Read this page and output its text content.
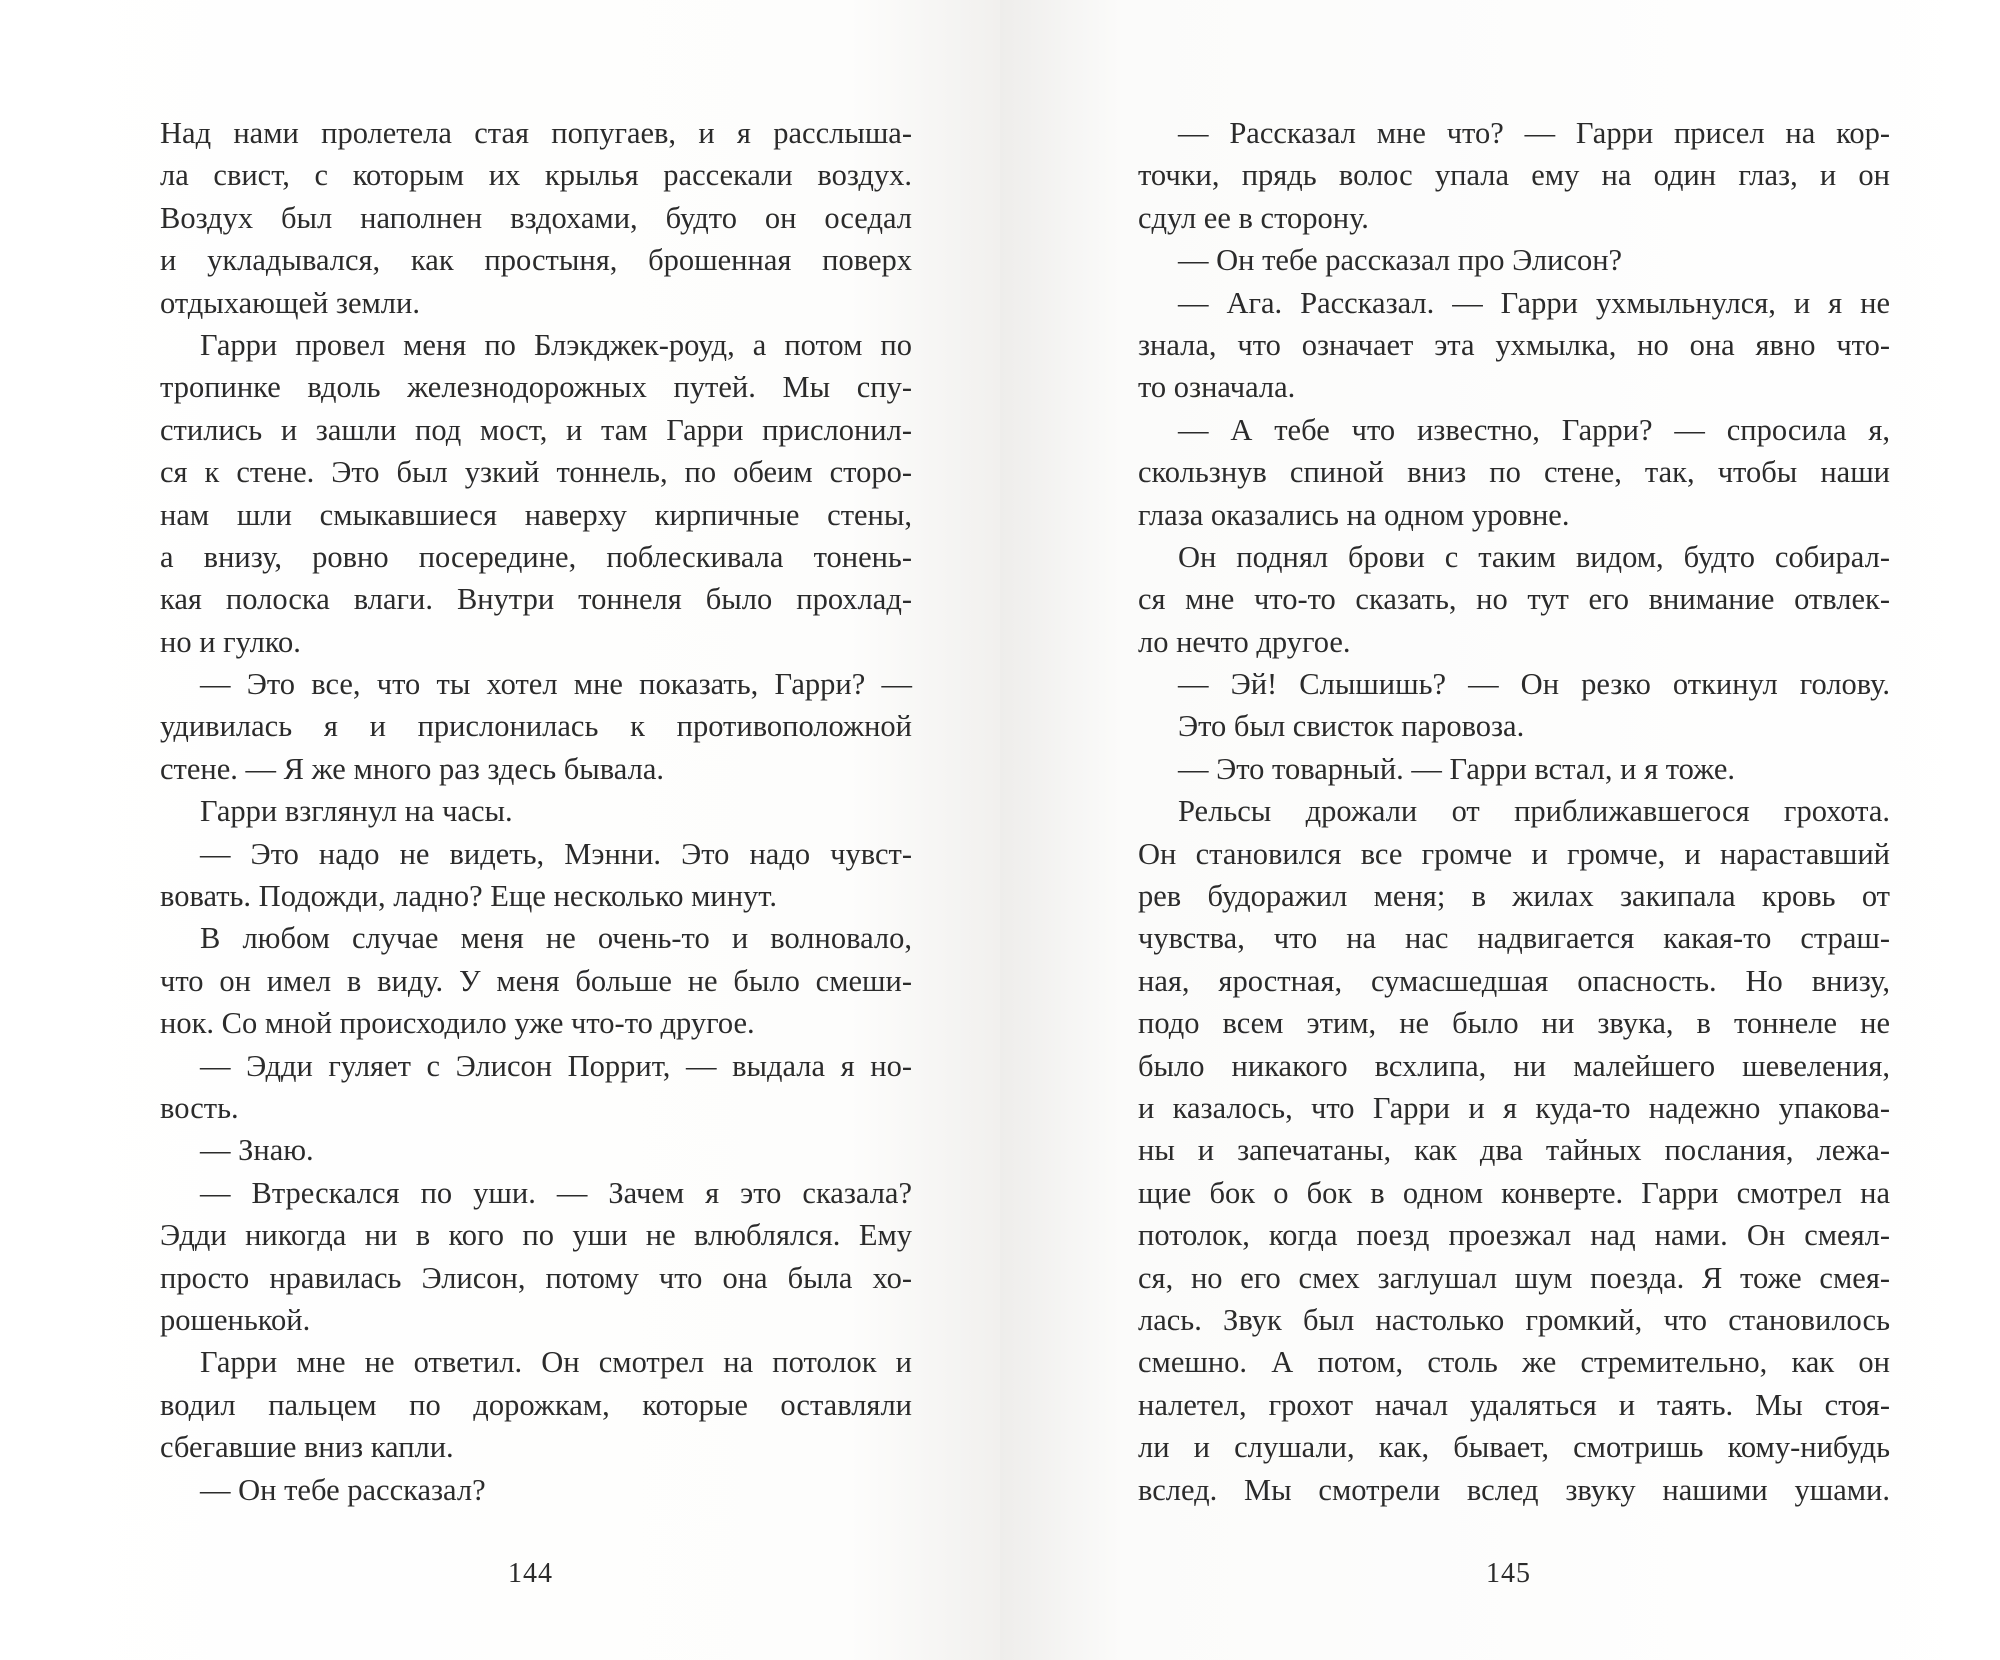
Над нами пролетела стая попугаев, и я расслыша-
ла свист, с которым их крылья рассекали воздух.
Воздух был наполнен вздохами, будто он оседал
и укладывался, как простыня, брошенная поверх
отдыхающей земли.
Гарри провел меня по Блэкджек-роуд, а потом по
тропинке вдоль железнодорожных путей. Мы спу-
стились и зашли под мост, и там Гарри прислонил-
ся к стене. Это был узкий тоннель, по обеим сторо-
нам шли смыкавшиеся наверху кирпичные стены,
а внизу, ровно посередине, поблескивала тонень-
кая полоска влаги. Внутри тоннеля было прохлад-
но и гулко.
— Это все, что ты хотел мне показать, Гарри? —
удивилась я и прислонилась к противоположной
стене. — Я же много раз здесь бывала.
Гарри взглянул на часы.
— Это надо не видеть, Мэнни. Это надо чувст-
вовать. Подожди, ладно? Еще несколько минут.
В любом случае меня не очень-то и волновало,
что он имел в виду. У меня больше не было смеши-
нок. Со мной происходило уже что-то другое.
— Эдди гуляет с Элисон Поррит, — выдала я но-
вость.
— Знаю.
— Втрескался по уши. — Зачем я это сказала?
Эдди никогда ни в кого по уши не влюблялся. Ему
просто нравилась Элисон, потому что она была хо-
рошенькой.
Гарри мне не ответил. Он смотрел на потолок и
водил пальцем по дорожкам, которые оставляли
сбегавшие вниз капли.
— Он тебе рассказал?
144
— Рассказал мне что? — Гарри присел на кор-
точки, прядь волос упала ему на один глаз, и он
сдул ее в сторону.
— Он тебе рассказал про Элисон?
— Ага. Рассказал. — Гарри ухмыльнулся, и я не
знала, что означает эта ухмылка, но она явно что-
то означала.
— А тебе что известно, Гарри? — спросила я,
скользнув спиной вниз по стене, так, чтобы наши
глаза оказались на одном уровне.
Он поднял брови с таким видом, будто собирал-
ся мне что-то сказать, но тут его внимание отвлек-
ло нечто другое.
— Эй! Слышишь? — Он резко откинул голову.
Это был свисток паровоза.
— Это товарный. — Гарри встал, и я тоже.
Рельсы дрожали от приближавшегося грохота.
Он становился все громче и громче, и нараставший
рев будоражил меня; в жилах закипала кровь от
чувства, что на нас надвигается какая-то страш-
ная, яростная, сумасшедшая опасность. Но внизу,
подо всем этим, не было ни звука, в тоннеле не
было никакого всхлипа, ни малейшего шевеления,
и казалось, что Гарри и я куда-то надежно упакова-
ны и запечатаны, как два тайных послания, лежа-
щие бок о бок в одном конверте. Гарри смотрел на
потолок, когда поезд проезжал над нами. Он смеял-
ся, но его смех заглушал шум поезда. Я тоже смея-
лась. Звук был настолько громкий, что становилось
смешно. А потом, столь же стремительно, как он
налетел, грохот начал удаляться и таять. Мы стоя-
ли и слушали, как, бывает, смотришь кому-нибудь
вслед. Мы смотрели вслед звуку нашими ушами.
145
